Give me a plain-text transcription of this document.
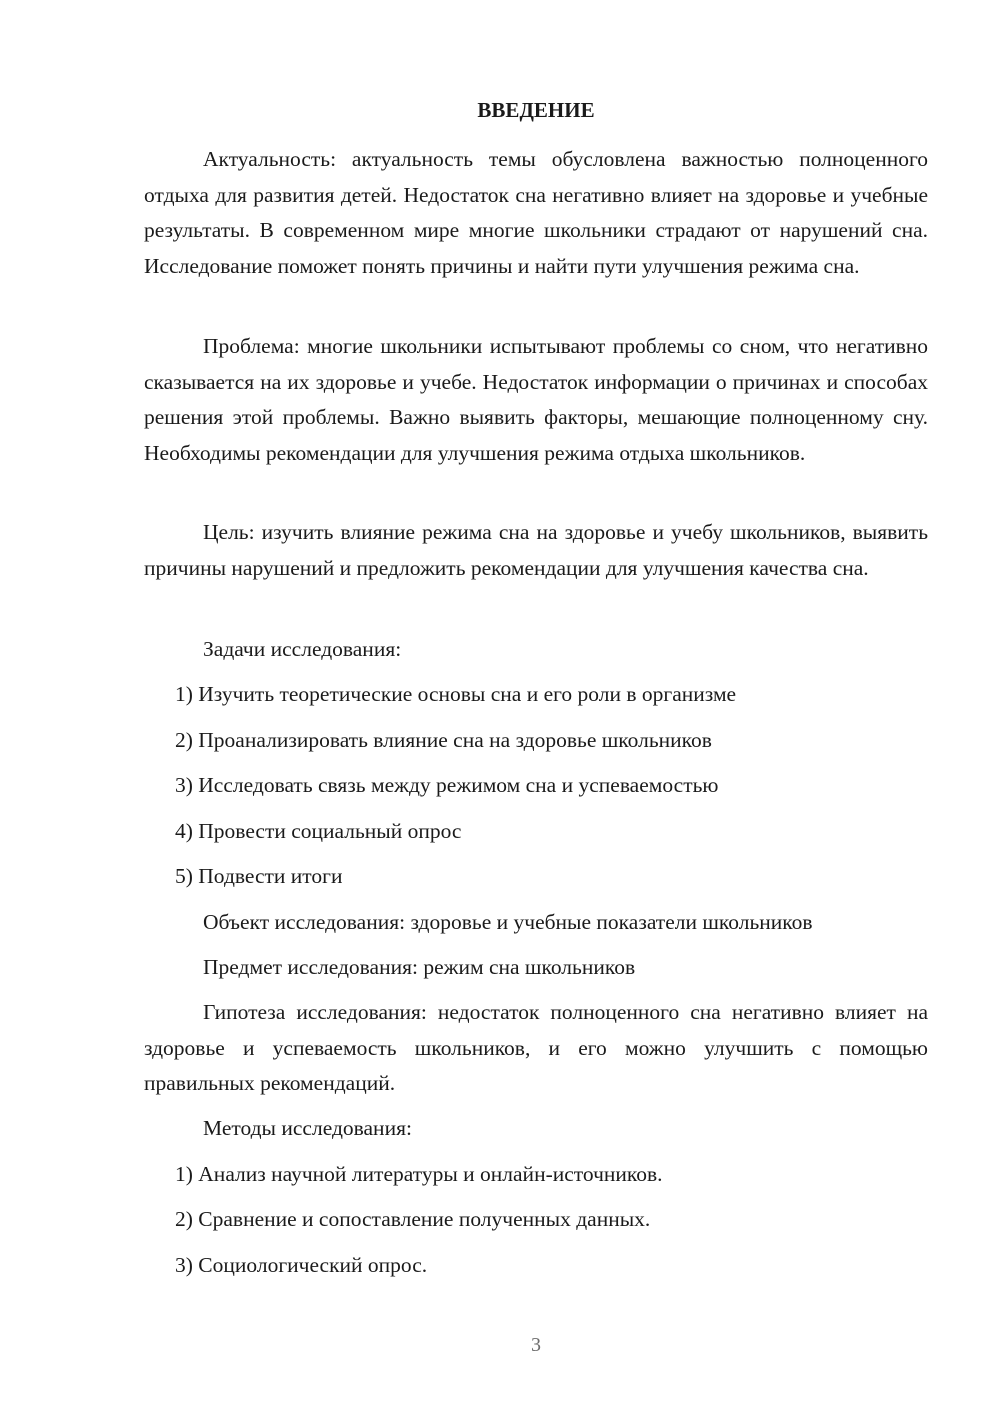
ВВЕДЕНИЕ

Актуальность: актуальность темы обусловлена важностью полноценного отдыха для развития детей. Недостаток сна негативно влияет на здоровье и учебные результаты. В современном мире многие школьники страдают от нарушений сна. Исследование поможет понять причины и найти пути улучшения режима сна.

Проблема: многие школьники испытывают проблемы со сном, что негативно сказывается на их здоровье и учебе. Недостаток информации о причинах и способах решения этой проблемы. Важно выявить факторы, мешающие полноценному сну. Необходимы рекомендации для улучшения режима отдыха школьников.

Цель: изучить влияние режима сна на здоровье и учебу школьников, выявить причины нарушений и предложить рекомендации для улучшения качества сна.

Задачи исследования:

1) Изучить теоретические основы сна и его роли в организме

2) Проанализировать влияние сна на здоровье школьников

3) Исследовать связь между режимом сна и успеваемостью

4) Провести социальный опрос

5) Подвести итоги

Объект исследования: здоровье и учебные показатели школьников

Предмет исследования: режим сна школьников

Гипотеза исследования: недостаток полноценного сна негативно влияет на здоровье и успеваемость школьников, и его можно улучшить с помощью правильных рекомендаций.

Методы исследования:

1) Анализ научной литературы и онлайн-источников.

2) Сравнение и сопоставление полученных данных.

3) Социологический опрос.

3
